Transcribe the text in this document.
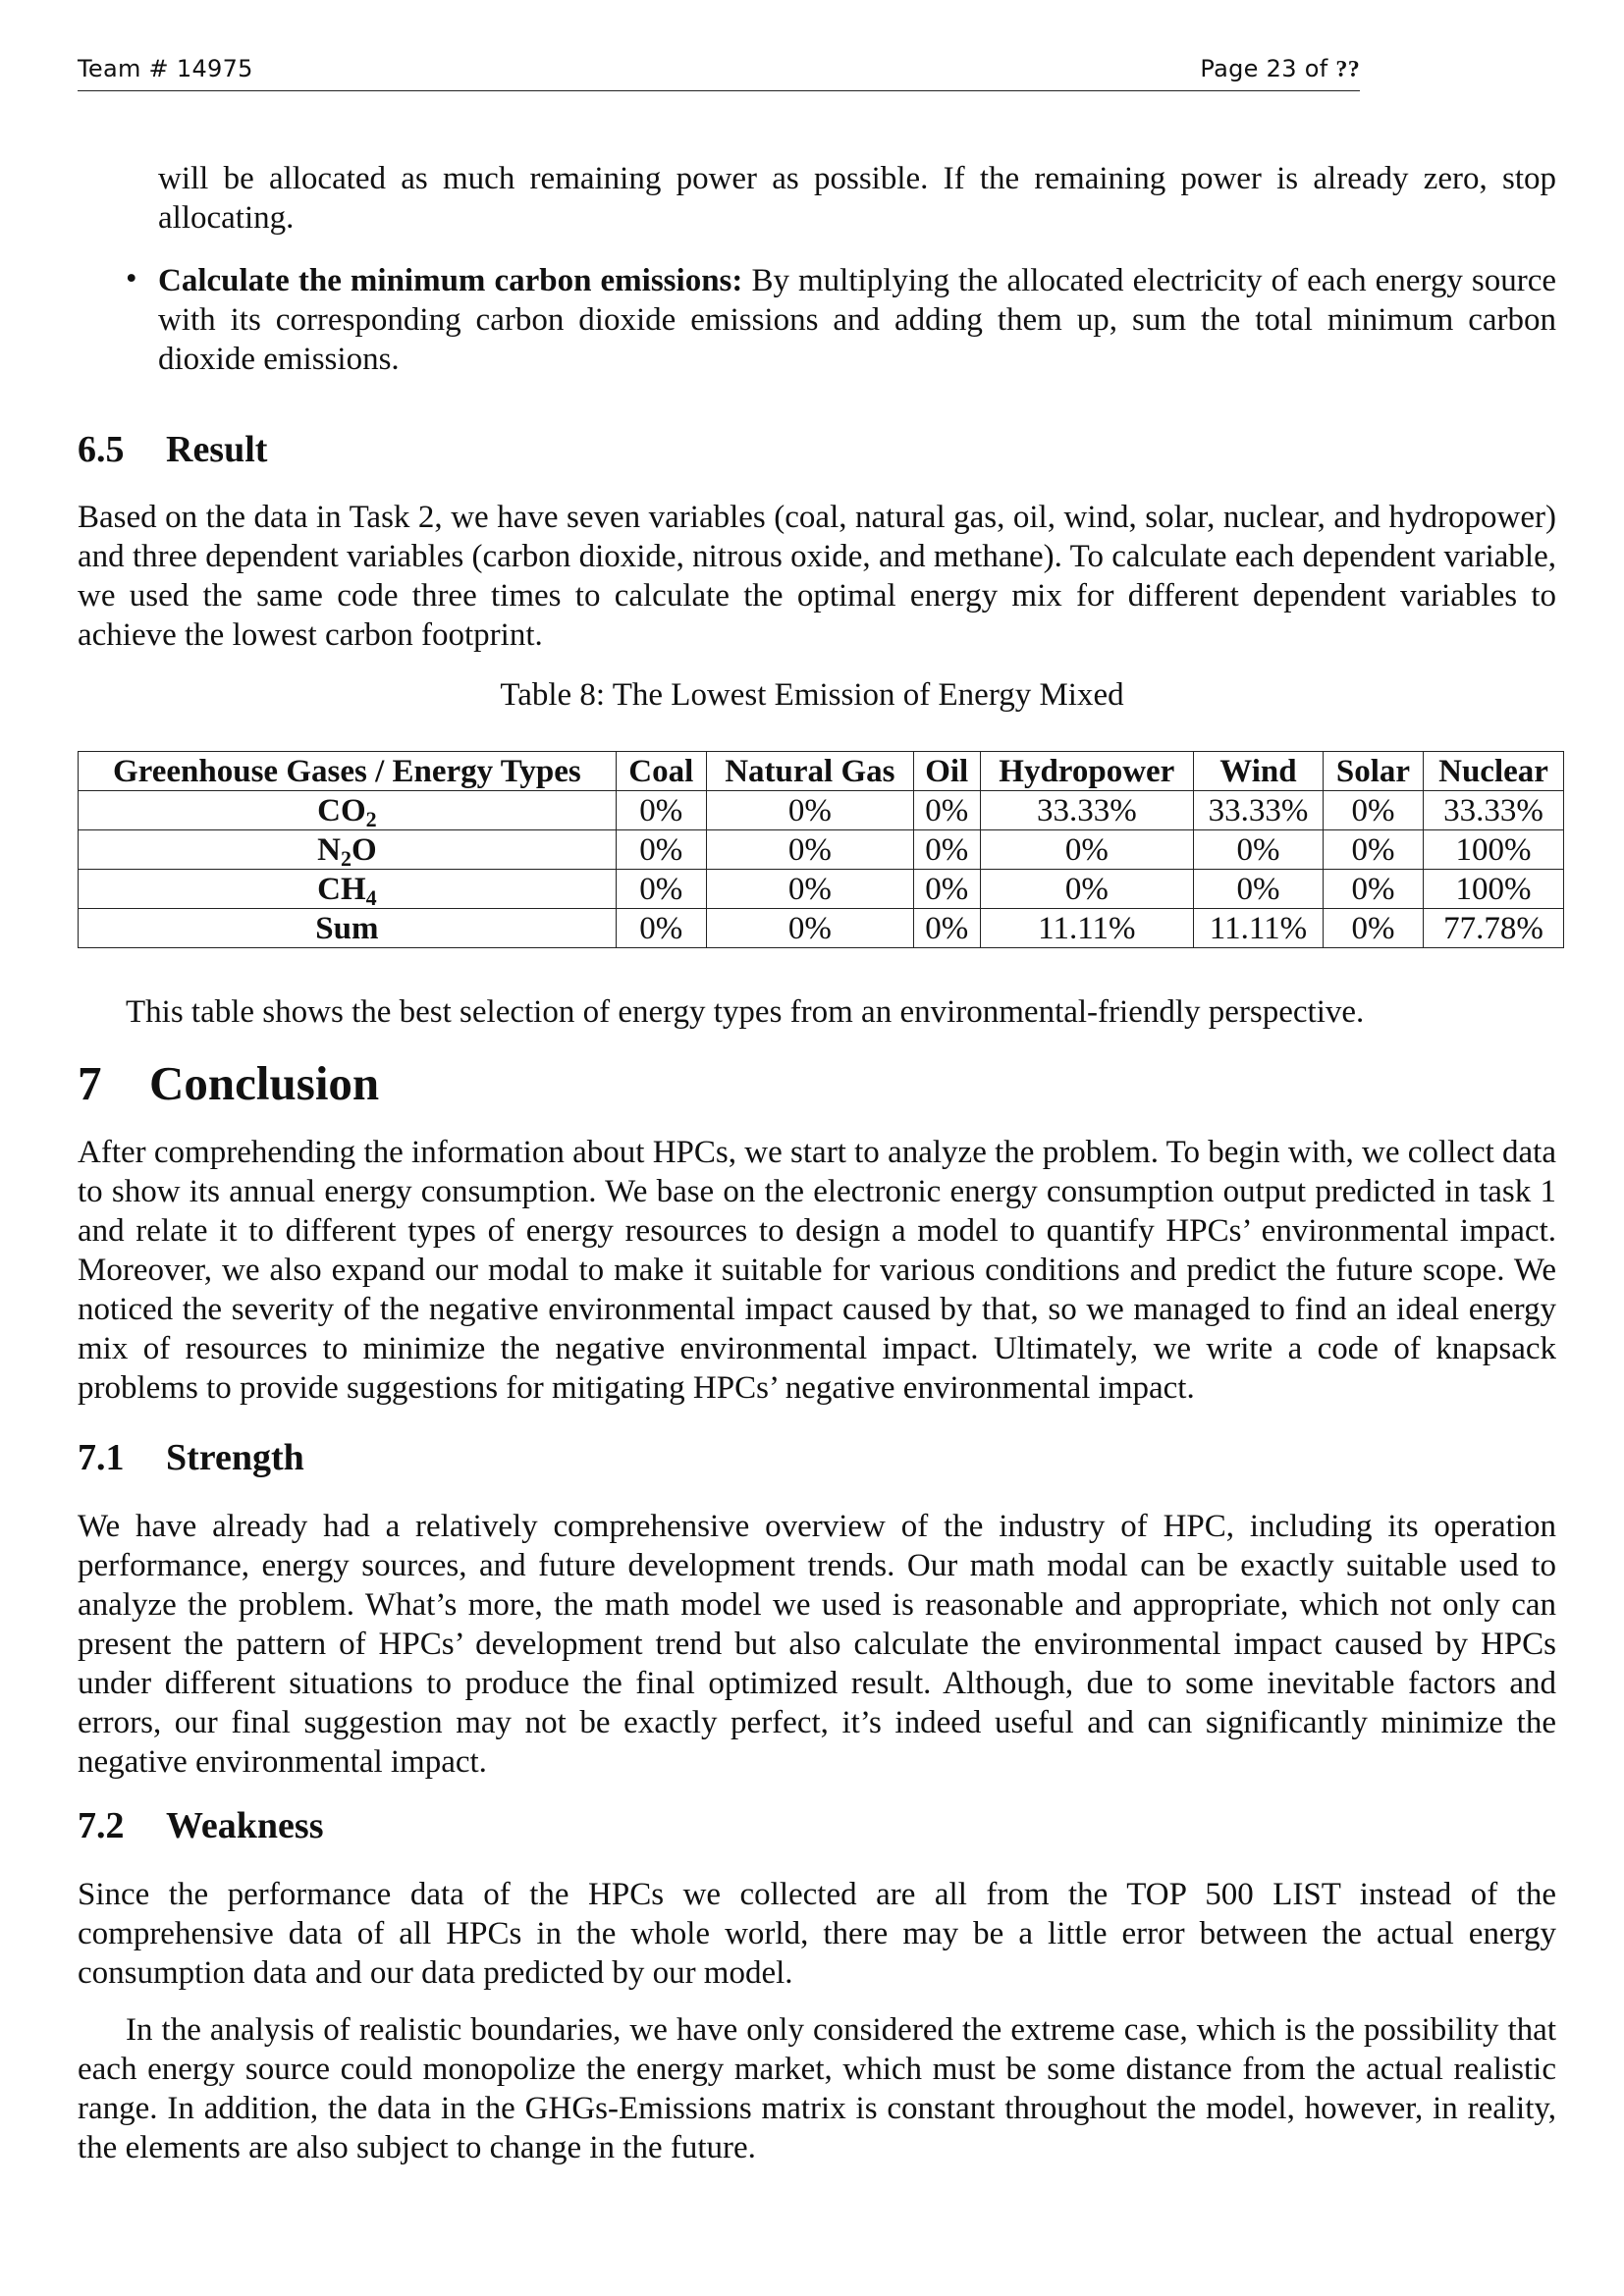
Team # 14975	Page 23 of ??

will be allocated as much remaining power as possible. If the remaining power is already zero, stop allocating.

• Calculate the minimum carbon emissions: By multiplying the allocated electricity of each energy source with its corresponding carbon dioxide emissions and adding them up, sum the total minimum carbon dioxide emissions.

6.5 Result

Based on the data in Task 2, we have seven variables (coal, natural gas, oil, wind, solar, nuclear, and hydropower) and three dependent variables (carbon dioxide, nitrous oxide, and methane). To calculate each dependent variable, we used the same code three times to calculate the optimal energy mix for different dependent variables to achieve the lowest carbon footprint.

Table 8: The Lowest Emission of Energy Mixed
Greenhouse Gases / Energy Types	Coal	Natural Gas	Oil	Hydropower	Wind	Solar	Nuclear
$CO_2$	0%	0%	0%	33.33%	33.33%	0%	33.33%
$N_2O$	0%	0%	0%	0%	0%	0%	100%
$CH_4$	0%	0%	0%	0%	0%	0%	100%
Sum	0%	0%	0%	11.11%	11.11%	0%	77.78%

This table shows the best selection of energy types from an environmental-friendly perspective.

7 Conclusion

After comprehending the information about HPCs, we start to analyze the problem. To begin with, we collect data to show its annual energy consumption. We base on the electronic energy consumption output predicted in task 1 and relate it to different types of energy resources to design a model to quantify HPCs’ environmental impact. Moreover, we also expand our modal to make it suitable for various conditions and predict the future scope. We noticed the severity of the negative environmental impact caused by that, so we managed to find an ideal energy mix of resources to minimize the negative environmental impact. Ultimately, we write a code of knapsack problems to provide suggestions for mitigating HPCs’ negative environmental impact.

7.1 Strength

We have already had a relatively comprehensive overview of the industry of HPC, including its operation performance, energy sources, and future development trends. Our math modal can be exactly suitable used to analyze the problem. What’s more, the math model we used is reasonable and appropriate, which not only can present the pattern of HPCs’ development trend but also calculate the environmental impact caused by HPCs under different situations to produce the final optimized result. Although, due to some inevitable factors and errors, our final suggestion may not be exactly perfect, it’s indeed useful and can significantly minimize the negative environmental impact.

7.2 Weakness

Since the performance data of the HPCs we collected are all from the TOP 500 LIST instead of the comprehensive data of all HPCs in the whole world, there may be a little error between the actual energy consumption data and our data predicted by our model.

In the analysis of realistic boundaries, we have only considered the extreme case, which is the possibility that each energy source could monopolize the energy market, which must be some distance from the actual realistic range. In addition, the data in the GHGs-Emissions matrix is constant throughout the model, however, in reality, the elements are also subject to change in the future.
